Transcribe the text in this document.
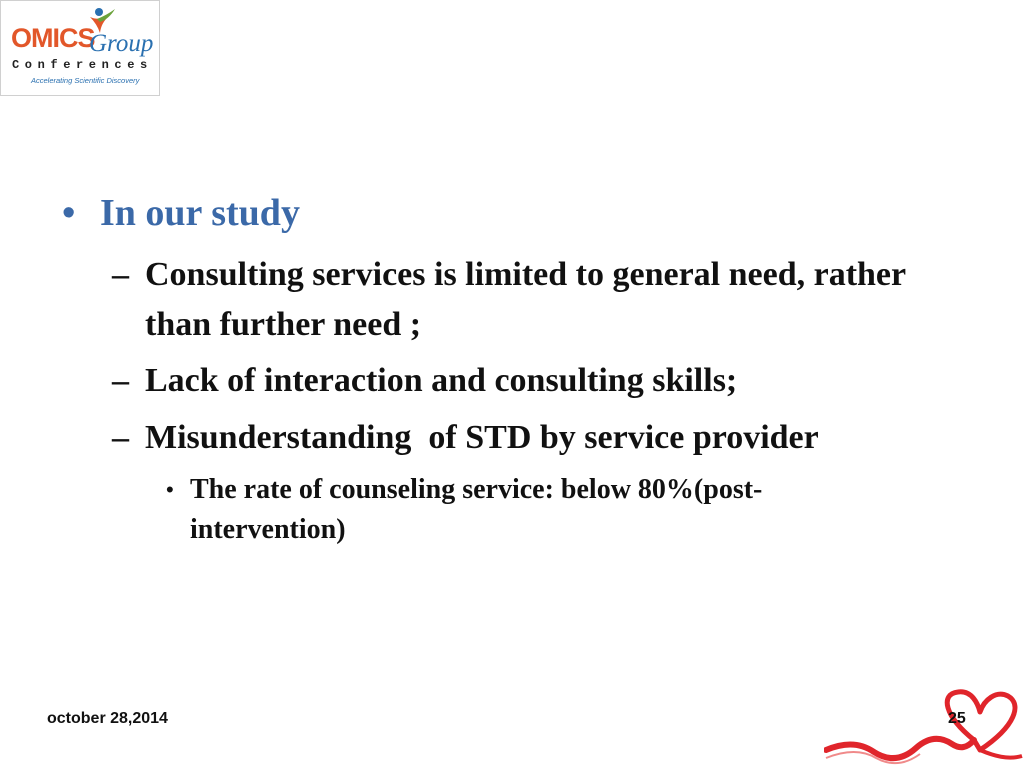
OMICS
Group
Conferences
Accelerating Scientific Discovery
• In our study
– Consulting services is limited to general need, rather than further need ;
– Lack of interaction and consulting skills;
– Misunderstanding  of STD by service provider
• The rate of counseling service: below 80%(post-intervention)
october 28,2014	25
